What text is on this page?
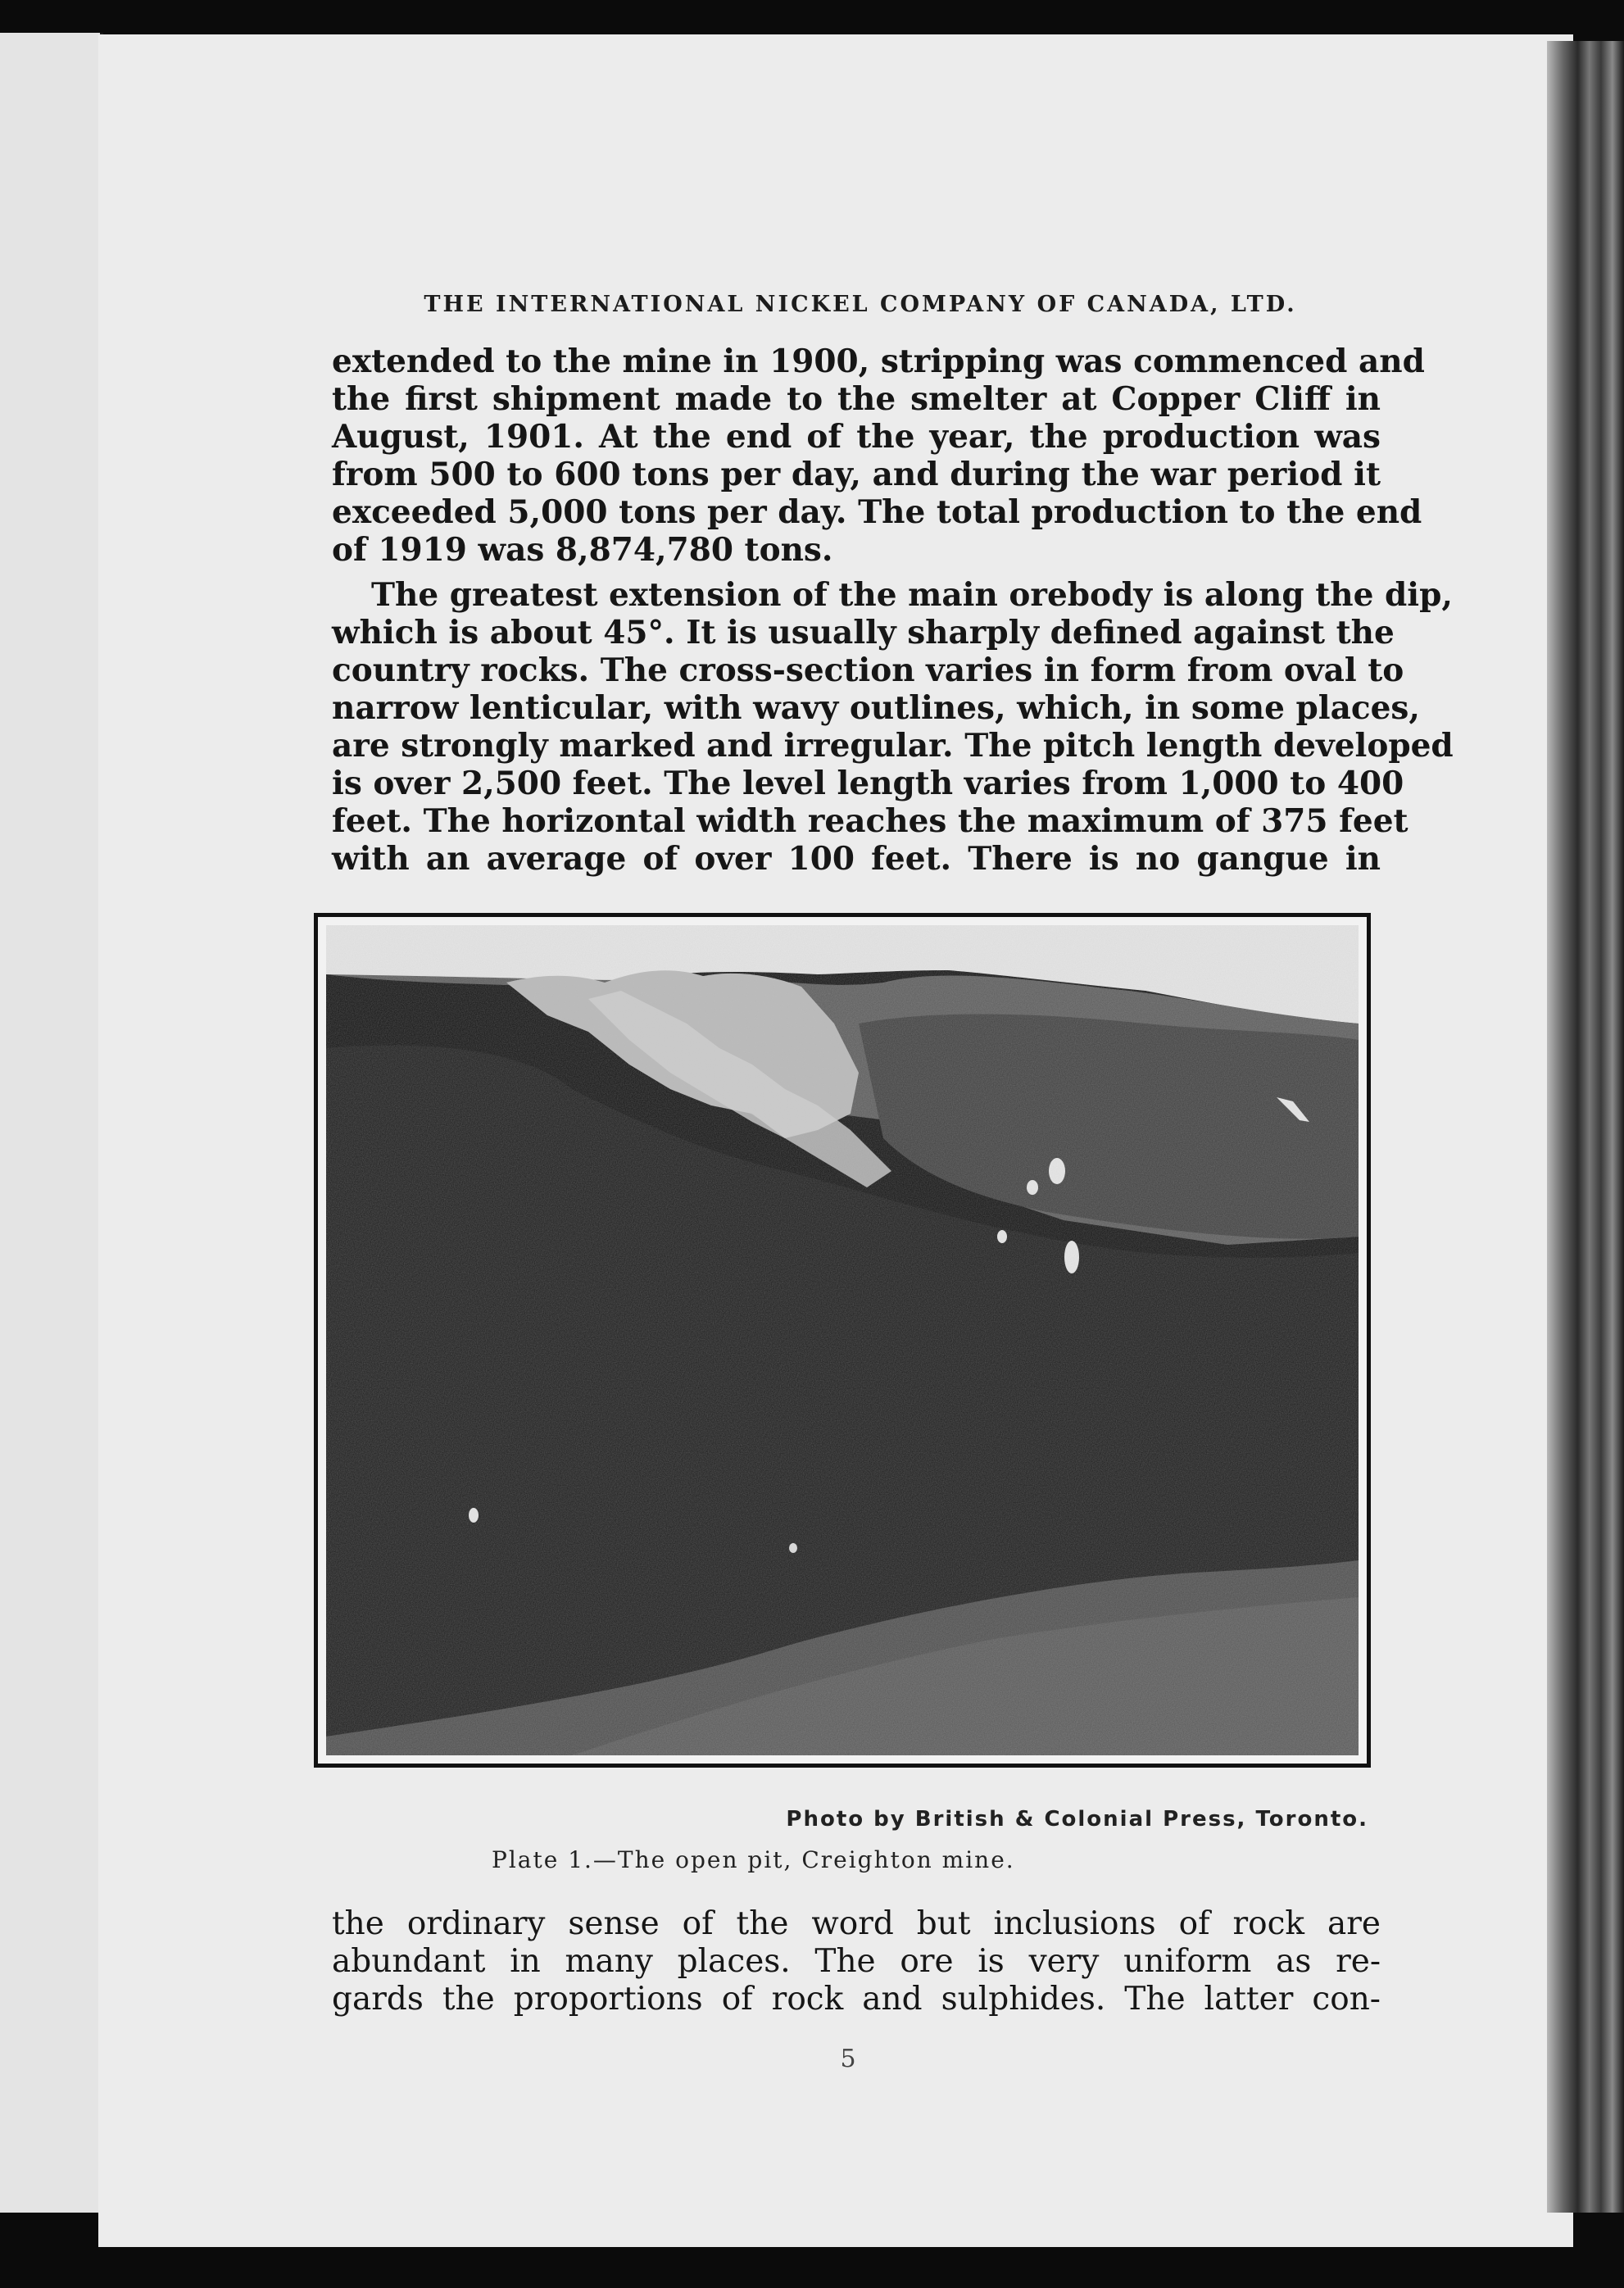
THE INTERNATIONAL NICKEL COMPANY OF CANADA, LTD.
extended to the mine in 1900, stripping was commenced and
the first shipment made to the smelter at Copper Cliff in
August, 1901. At the end of the year, the production was
from 500 to 600 tons per day, and during the war period it
exceeded 5,000 tons per day. The total production to the end
of 1919 was 8,874,780 tons.
The greatest extension of the main orebody is along the dip,
which is about 45°. It is usually sharply defined against the
country rocks. The cross-section varies in form from oval to
narrow lenticular, with wavy outlines, which, in some places,
are strongly marked and irregular. The pitch length developed
is over 2,500 feet. The level length varies from 1,000 to 400
feet. The horizontal width reaches the maximum of 375 feet
with an average of over 100 feet. There is no gangue in
Photo by British & Colonial Press, Toronto.
Plate 1.—The open pit, Creighton mine.
the ordinary sense of the word but inclusions of rock are
abundant in many places. The ore is very uniform as re-
gards the proportions of rock and sulphides. The latter con-
5
